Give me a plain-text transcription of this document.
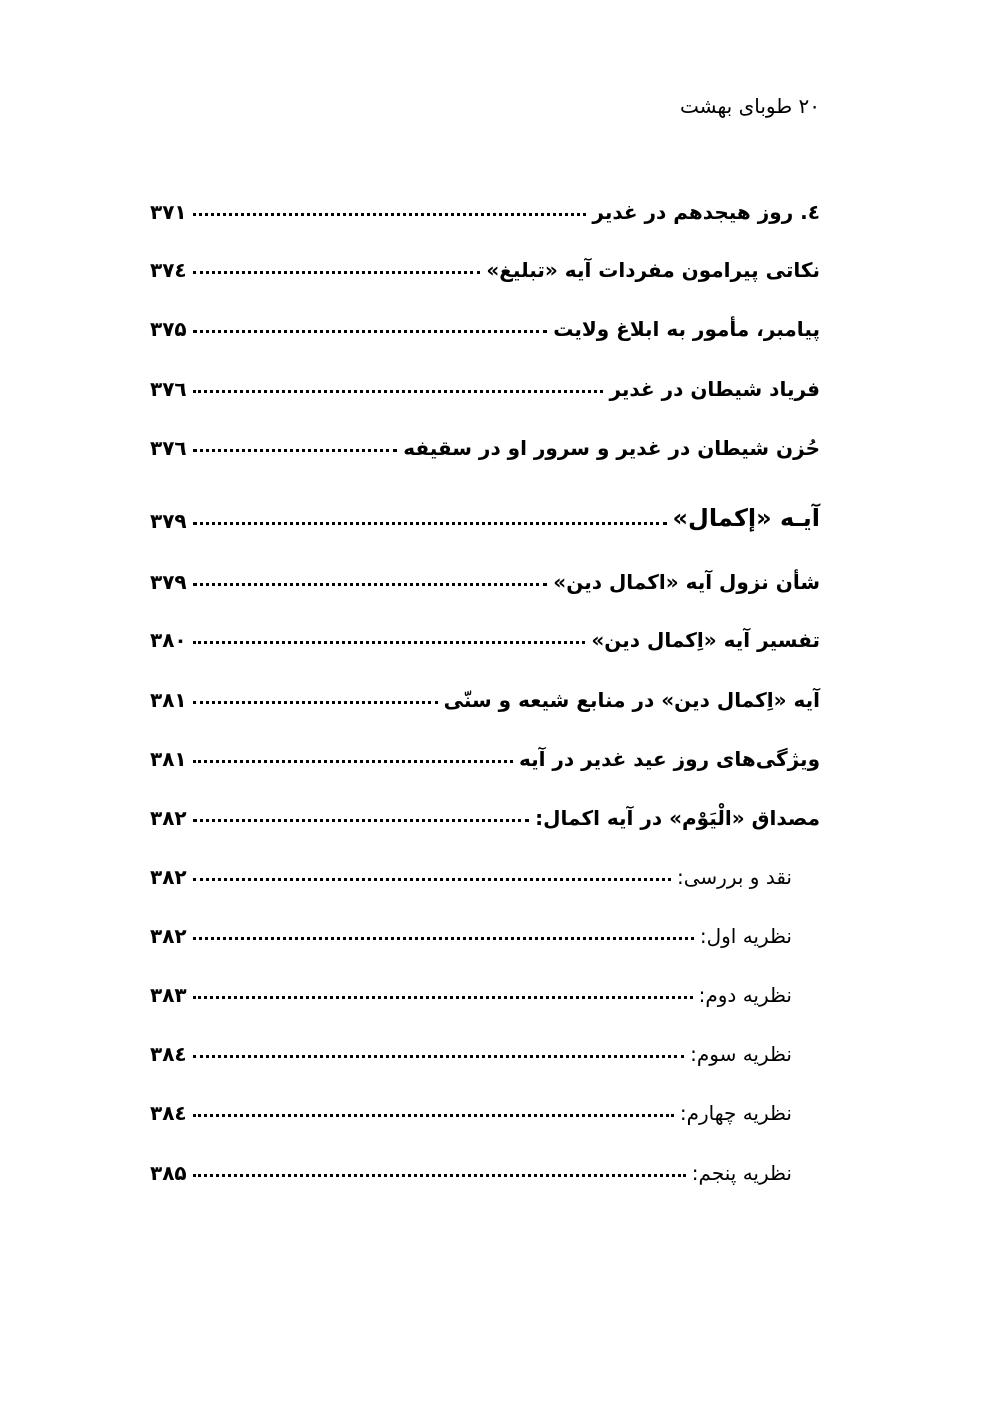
۲۰ طوبای بهشت
٤. روز هیجدهم در غدیر
۳۷۱
نکاتی پیرامون مفردات آیه «تبلیغ»
۳۷٤
پیامبر، مأمور به ابلاغ ولایت
۳۷۵
فریاد شیطان در غدیر
۳۷٦
حُزن شیطان در غدیر و سرور او در سقیفه
۳۷٦
آیـه «إکمال»
۳۷۹
شأن نزول آیه «اکمال دین»
۳۷۹
تفسیر آیه «اِکمال دین»
۳۸۰
آیه «اِکمال دین» در منابع شیعه و سنّی
۳۸۱
ویژگی‌های روز عید غدیر در آیه
۳۸۱
مصداق «الْیَوْم» در آیه اکمال:
۳۸۲
نقد و بررسی:
۳۸۲
نظریه اول:
۳۸۲
نظریه دوم:
۳۸۳
نظریه سوم:
۳۸٤
نظریه چهارم:
۳۸٤
نظریه پنجم:
۳۸۵
